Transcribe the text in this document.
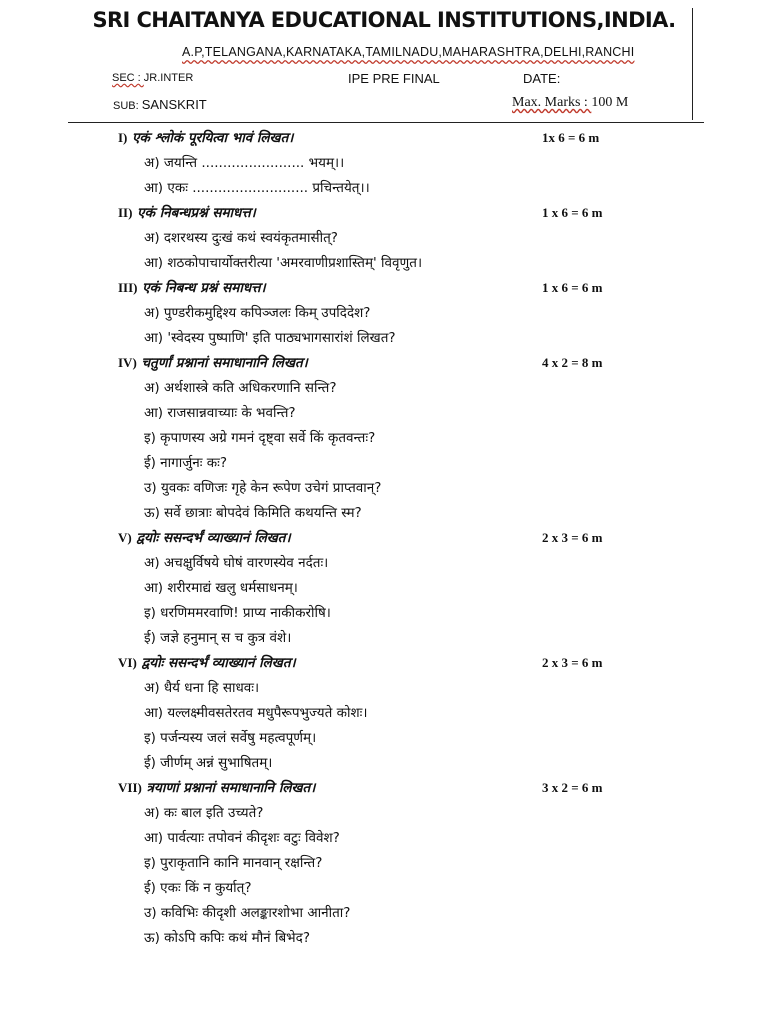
SRI CHAITANYA EDUCATIONAL INSTITUTIONS,INDIA.
A.P,TELANGANA,KARNATAKA,TAMILNADU,MAHARASHTRA,DELHI,RANCHI
SEC : JR.INTER	IPE PRE FINAL	DATE:
SUB: SANSKRIT	Max. Marks : 100 M
I) एकं श्लोकं पूरयित्वा भावं लिखत।	1x 6 = 6 m
अ) जयन्ति ........................ भयम्।।
आ) एकः ........................... प्रचिन्तयेत्।।
II) एकं निबन्धप्रश्नं समाधत्त।	1 x 6 = 6 m
अ) दशरथस्य दुःखं कथं स्वयंकृतमासीत्?
आ) शठकोपाचार्योक्तरीत्या 'अमरवाणीप्रशास्तिम्' विवृणुत।
III) एकं निबन्ध प्रश्नं समाधत्त।	1 x 6 = 6 m
अ) पुण्डरीकमुद्दिश्य कपिञ्जलः किम् उपदिदेश?
आ) 'स्वेदस्य पुष्पाणि' इति पाठ्यभागसारांशं लिखत?
IV) चतुर्णां प्रश्नानां समाधानानि लिखत।	4 x 2 = 8 m
अ) अर्थशास्त्रे कति अधिकरणानि सन्ति?
आ) राजसान्नवाच्याः के भवन्ति?
इ) कृपाणस्य अग्रे गमनं दृष्ट्वा सर्वे किं कृतवन्तः?
ई) नागार्जुनः कः?
उ) युवकः वणिजः गृहे केन रूपेण उचेगं प्राप्तवान्?
ऊ) सर्वे छात्राः बोपदेवं किमिति कथयन्ति स्म?
V) द्वयोः ससन्दर्भं व्याख्यानं लिखत।	2 x 3 = 6 m
अ) अचक्षुर्विषये घोषं वारणस्येव नर्दतः।
आ) शरीरमाद्यं खलु धर्मसाधनम्।
इ) धरणिममरवाणि! प्राप्य नाकीकरोषि।
ई) जज्ञे हनुमान् स च कुत्र वंशे।
VI) द्वयोः ससन्दर्भं व्याख्यानं लिखत।	2 x 3 = 6 m
अ) धैर्य धना हि साधवः।
आ) यल्लक्ष्मीवसतेरतव मधुपैरूपभुज्यते कोशः।
इ) पर्जन्यस्य जलं सर्वेषु महत्वपूर्णम्।
ई) जीर्णम् अन्नं सुभाषितम्।
VII) त्रयाणां प्रश्नानां समाधानानि लिखत।	3 x 2 = 6 m
अ) कः बाल इति उच्यते?
आ) पार्वत्याः तपोवनं कीदृशः वटुः विवेश?
इ) पुराकृतानि कानि मानवान् रक्षन्ति?
ई) एकः किं न कुर्यात्?
उ) कविभिः कीदृशी अलङ्कारशोभा आनीता?
ऊ) कोऽपि कपिः कथं मौनं बिभेद?
